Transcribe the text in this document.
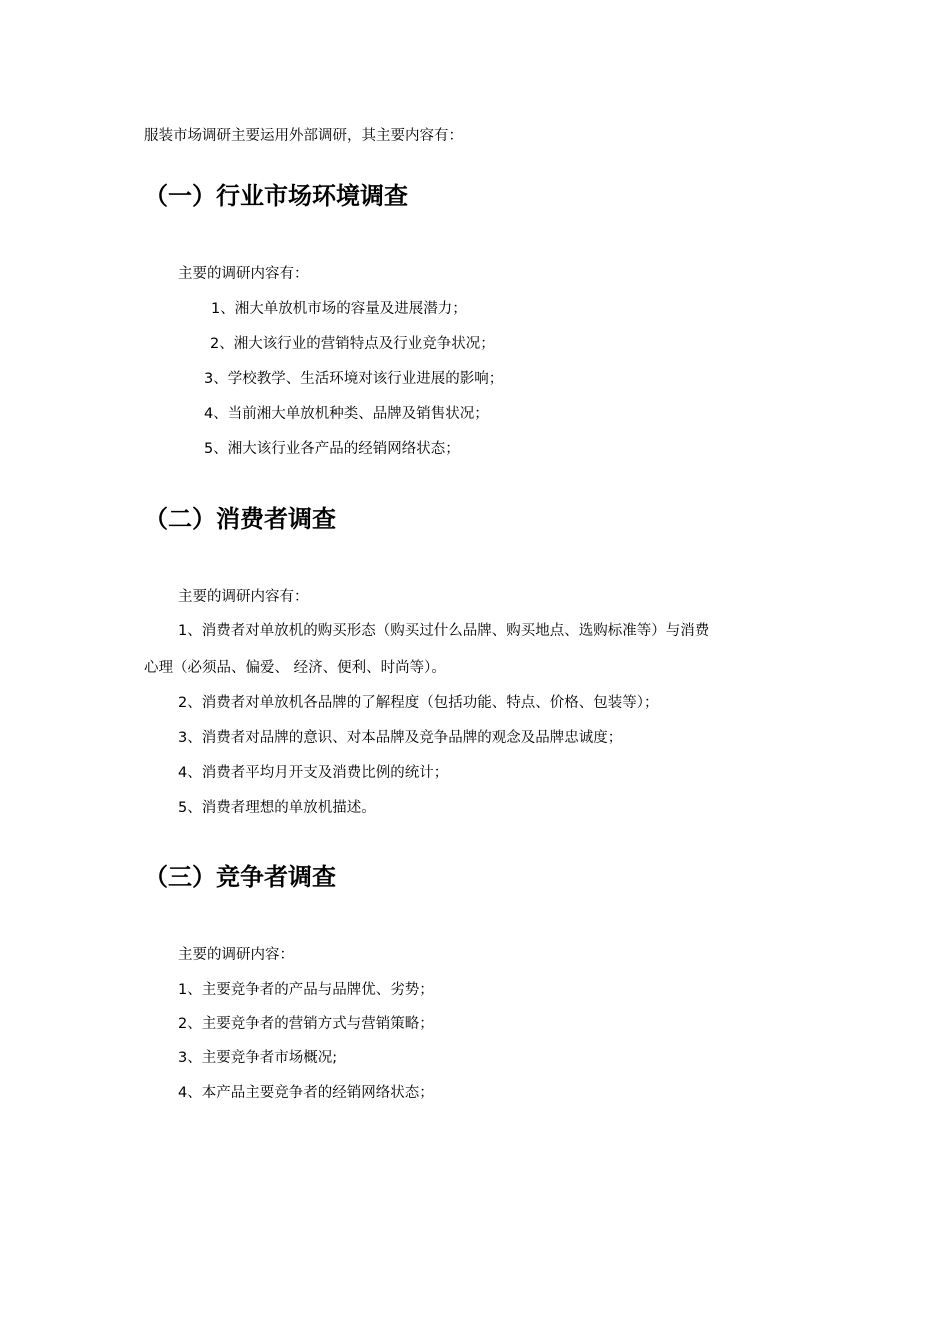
服装市场调研主要运用外部调研，其主要内容有：
（一）行业市场环境调查
主要的调研内容有：
1、湘大单放机市场的容量及进展潜力；
2、湘大该行业的营销特点及行业竞争状况；
3、学校教学、生活环境对该行业进展的影响；
4、当前湘大单放机种类、品牌及销售状况；
5、湘大该行业各产品的经销网络状态；
（二）消费者调查
主要的调研内容有：
1、消费者对单放机的购买形态（购买过什么品牌、购买地点、选购标准等）与消费
心理（必须品、偏爱、 经济、便利、时尚等）。
2、消费者对单放机各品牌的了解程度（包括功能、特点、价格、包装等）；
3、消费者对品牌的意识、对本品牌及竞争品牌的观念及品牌忠诚度；
4、消费者平均月开支及消费比例的统计；
5、消费者理想的单放机描述。
（三）竞争者调查
主要的调研内容：
1、主要竞争者的产品与品牌优、劣势；
2、主要竞争者的营销方式与营销策略；
3、主要竞争者市场概况;
4、本产品主要竞争者的经销网络状态；
